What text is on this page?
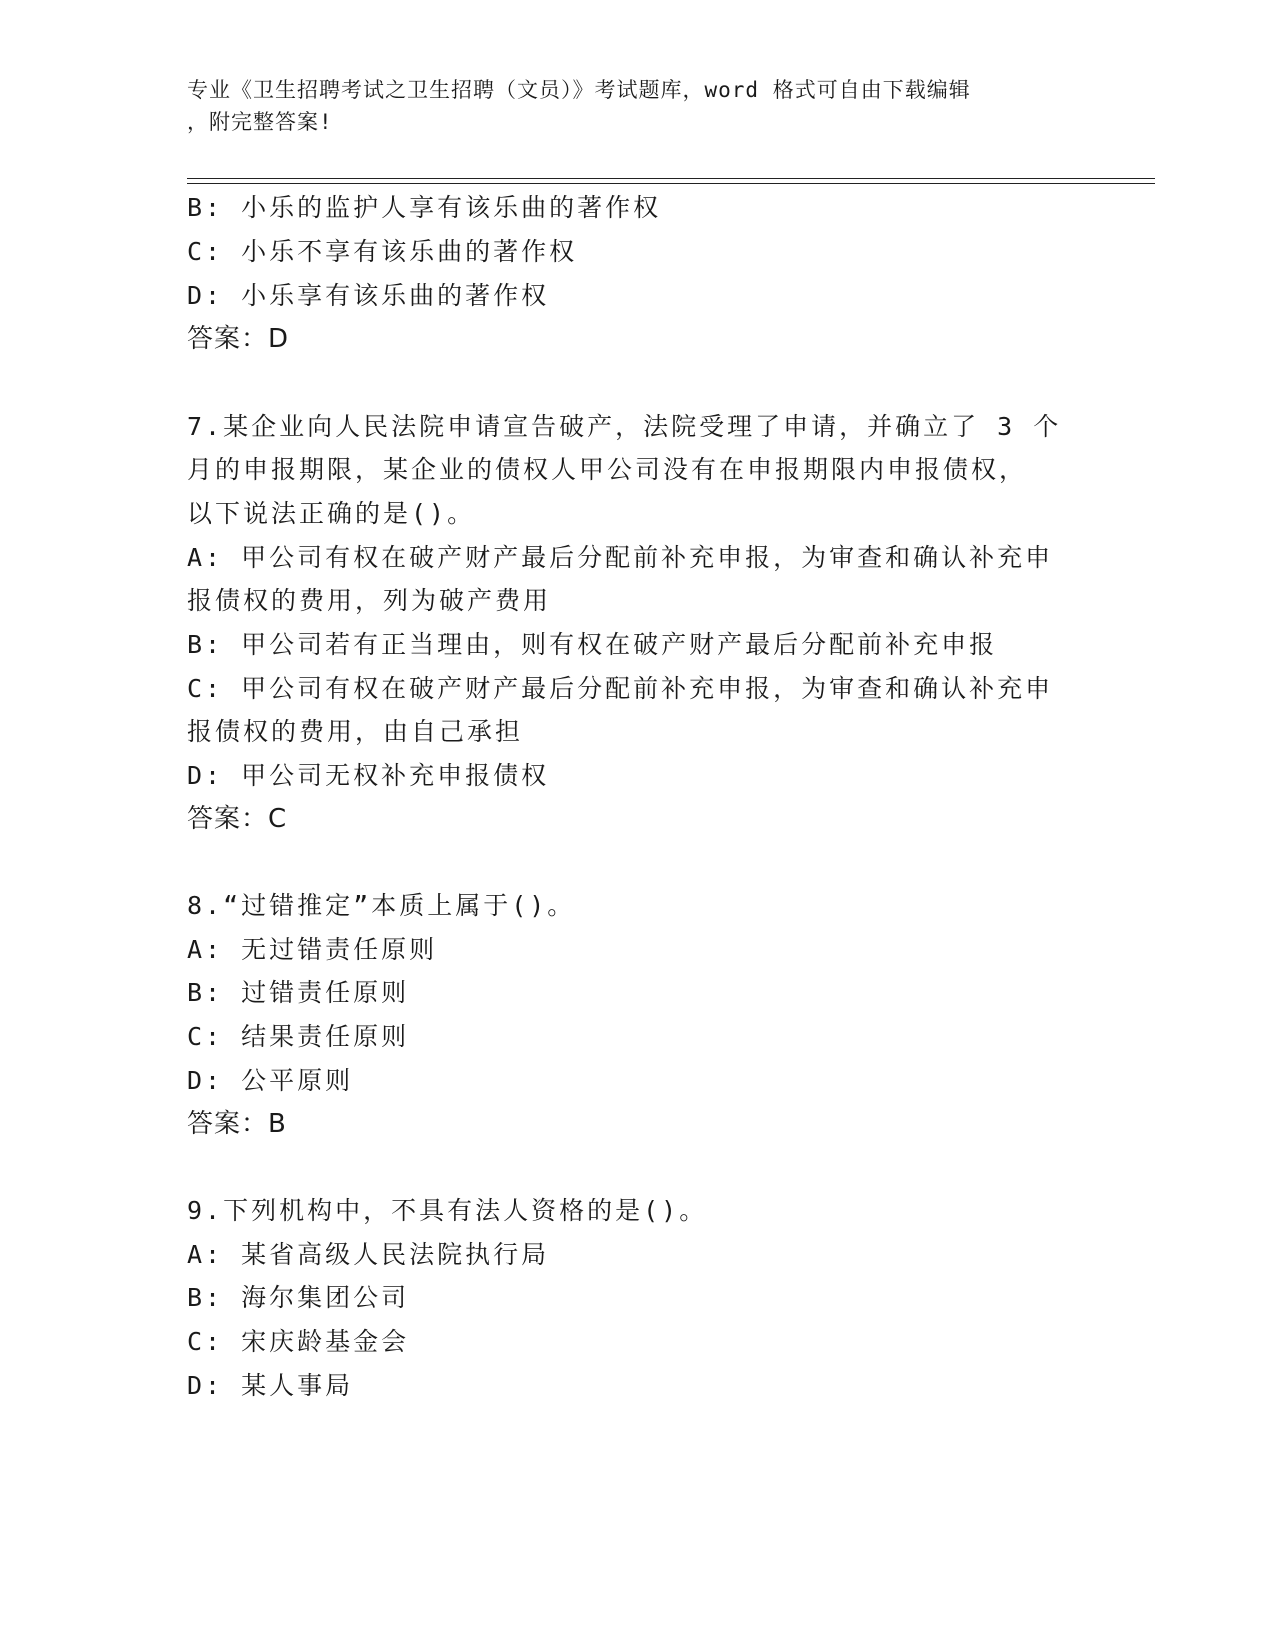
专业《卫生招聘考试之卫生招聘（文员）》考试题库，word 格式可自由下载编辑
，附完整答案!
B: 小乐的监护人享有该乐曲的著作权
C: 小乐不享有该乐曲的著作权
D: 小乐享有该乐曲的著作权
答案：D
7.某企业向人民法院申请宣告破产，法院受理了申请，并确立了 3 个
月的申报期限，某企业的债权人甲公司没有在申报期限内申报债权，
以下说法正确的是()。
A: 甲公司有权在破产财产最后分配前补充申报，为审查和确认补充申
报债权的费用，列为破产费用
B: 甲公司若有正当理由，则有权在破产财产最后分配前补充申报
C: 甲公司有权在破产财产最后分配前补充申报，为审查和确认补充申
报债权的费用，由自己承担
D: 甲公司无权补充申报债权
答案：C
8.“过错推定”本质上属于()。
A: 无过错责任原则
B: 过错责任原则
C: 结果责任原则
D: 公平原则
答案：B
9.下列机构中，不具有法人资格的是()。
A: 某省高级人民法院执行局
B: 海尔集团公司
C: 宋庆龄基金会
D: 某人事局
